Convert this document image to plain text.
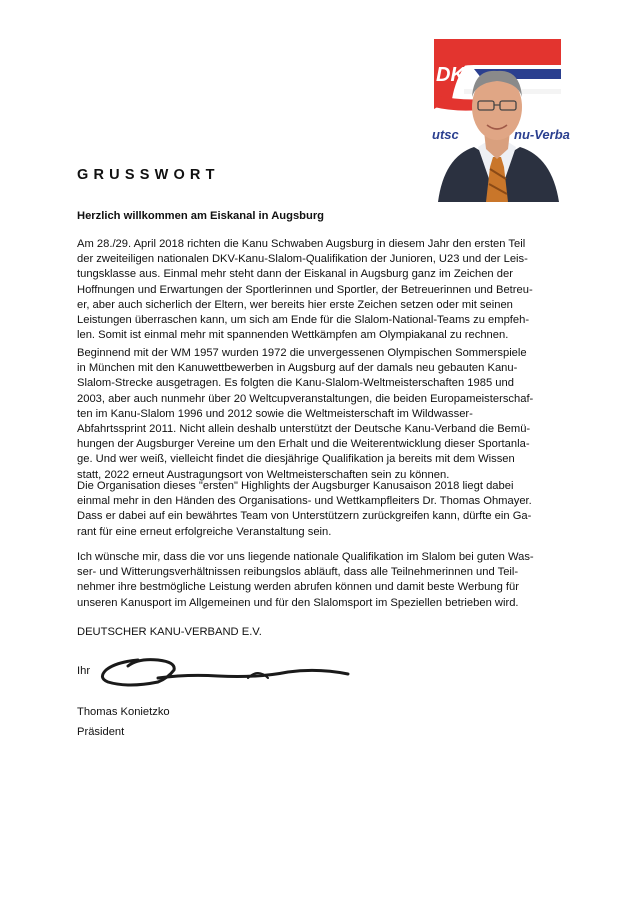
DK
utsc	nu-Verba
GRUSSWORT
Herzlich willkommen am Eiskanal in Augsburg

Am 28./29. April 2018 richten die Kanu Schwaben Augsburg in diesem Jahr den ersten Teil
der zweiteiligen nationalen DKV-Kanu-Slalom-Qualifikation der Junioren, U23 und der Leis-
tungsklasse aus. Einmal mehr steht dann der Eiskanal in Augsburg ganz im Zeichen der
Hoffnungen und Erwartungen der Sportlerinnen und Sportler, der Betreuerinnen und Betreu-
er, aber auch sicherlich der Eltern, wer bereits hier erste Zeichen setzen oder mit seinen
Leistungen überraschen kann, um sich am Ende für die Slalom-National-Teams zu empfeh-
len. Somit ist einmal mehr mit spannenden Wettkämpfen am Olympiakanal zu rechnen.

Beginnend mit der WM 1957 wurden 1972 die unvergessenen Olympischen Sommerspiele
in München mit den Kanuwettbewerben in Augsburg auf der damals neu gebauten Kanu-
Slalom-Strecke ausgetragen. Es folgten die Kanu-Slalom-Weltmeisterschaften 1985 und
2003, aber auch nunmehr über 20 Weltcupveranstaltungen, die beiden Europameisterschaf-
ten im Kanu-Slalom 1996 und 2012 sowie die Weltmeisterschaft im Wildwasser-
Abfahrtssprint 2011. Nicht allein deshalb unterstützt der Deutsche Kanu-Verband die Bemü-
hungen der Augsburger Vereine um den Erhalt und die Weiterentwicklung dieser Sportanla-
ge. Und wer weiß, vielleicht findet die diesjährige Qualifikation ja bereits mit dem Wissen
statt, 2022 erneut Austragungsort von Weltmeisterschaften sein zu können.

Die Organisation dieses "ersten" Highlights der Augsburger Kanusaison 2018 liegt dabei
einmal mehr in den Händen des Organisations- und Wettkampfleiters Dr. Thomas Ohmayer.
Dass er dabei auf ein bewährtes Team von Unterstützern zurückgreifen kann, dürfte ein Ga-
rant für eine erneut erfolgreiche Veranstaltung sein.

Ich wünsche mir, dass die vor uns liegende nationale Qualifikation im Slalom bei guten Was-
ser- und Witterungsverhältnissen reibungslos abläuft, dass alle Teilnehmerinnen und Teil-
nehmer ihre bestmögliche Leistung werden abrufen können und damit beste Werbung für
unseren Kanusport im Allgemeinen und für den Slalomsport im Speziellen betrieben wird.

DEUTSCHER KANU-VERBAND E.V.
Ihr
Thomas Konietzko
Präsident
